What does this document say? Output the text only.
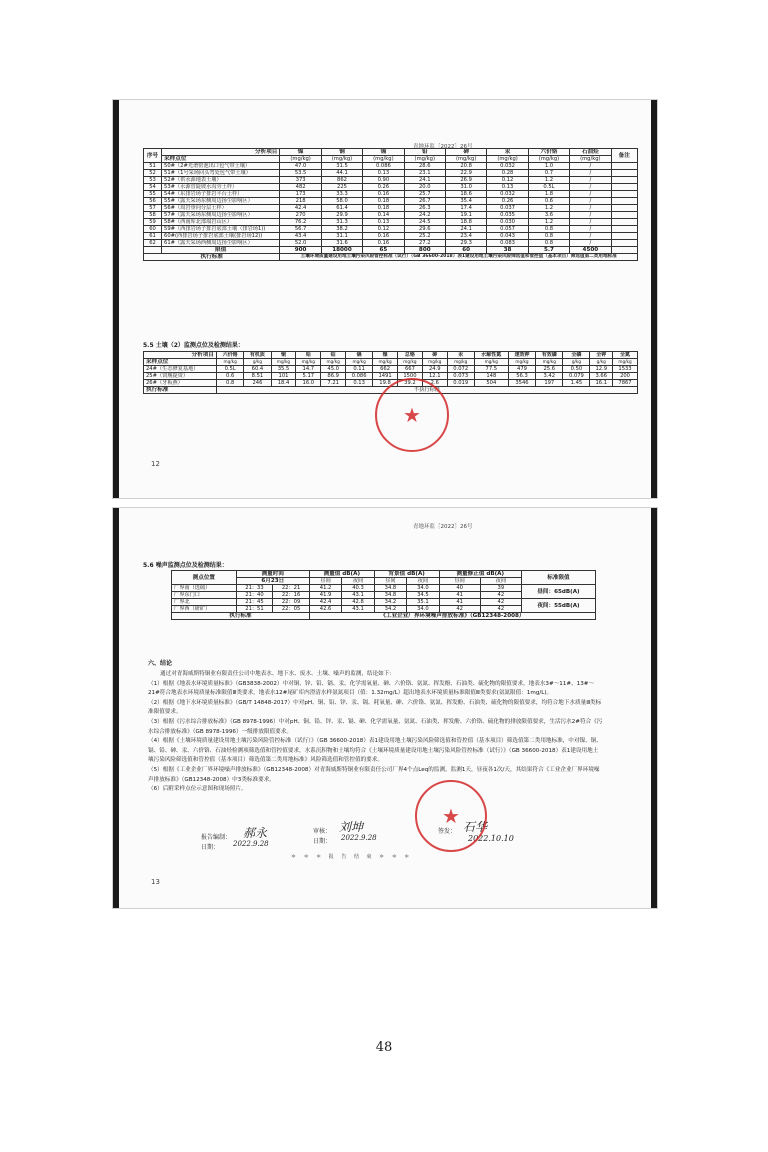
青地环监［2022］26号
序号	分析项目	镍	铜	镉	铅	砷	汞	六价铬	石油烃	备注
	采样点位	(mg/kg)	(mg/kg)	(mg/kg)	(mg/kg)	(mg/kg)	(mg/kg)	(mg/kg)	(mg/kg)	
51	50#（2#光谱密池出口包气带土壤）	47.0	31.5	0.086	28.6	20.8	0.032	1.0	/	
52	51#（1号采场回头弯处包气带土壤）	53.5	44.1	0.13	23.1	22.9	0.28	0.7	/	
53	52#（供水源地表土壤）	373	862	0.90	24.1	26.9	0.12	1.2	/	
54	53#（水源管陡坡水沟旁土样）	482	225	0.26	20.0	31.0	0.13	0.5L	/	
55	54#（东排岩场子排岩平台土样）	173	33.3	0.16	25.7	18.6	0.032	1.8	/	
56	55#（露天采场东侧周边扬尘影响区）	218	58.0	0.18	26.7	35.4	0.26	0.6	/	
57	56#（周岩垂向分层土样）	42.4	61.4	0.18	26.3	17.4	0.037	1.2	/	
58	57#（露天采场东侧周边扬尘影响区）	270	29.9	0.14	24.2	19.1	0.035	3.6	/	
59	58#（西南库北部塌岩山区）	76.2	31.3	0.13	24.5	18.8	0.030	1.2	/	
60	59#（西排岩场子排岩底部土壤（排岩场1))	56.7	38.2	0.12	29.6	24.1	0.057	0.8	/	
61	60#(西排岩场子排岩底部土壤(排岩场12))	43.4	31.1	0.16	25.2	23.4	0.043	0.8	/	
62	61#（露天采场西侧周边扬尘影响区）	52.0	31.6	0.16	27.2	29.3	0.083	0.8	/	
	限值	900	18000	65	800	60	38	5.7	4500	
执行标准		土壤环境质量建设用地土壤污染风险管控标准（试行）（GB 36600-2018）表1建设用地土壤污染风险筛选值和管控值（基本项目）筛选值第二类用地标准								
5.5 土壤（2）监测点位及检测结果：
分析项目	六价铬	有机质	铜	铅	钴	镉	镍	总铬	砷	汞	水解性氮	速效钾	有效磷	全磷	全钾	全氮
采样点位	mg/kg	g/kg	mg/kg	mg/kg	mg/kg	mg/kg	mg/kg	mg/kg	mg/kg	mg/kg	mg/kg	mg/kg	mg/kg	g/kg	g/kg	mg/kg
24#（生态修复基地）	0.5L	60.4	35.5	14.7	45.0	0.11	662	667	24.9	0.072	77.5	479	25.6	0.50	12.9	1533
25#（饲舰提资）	0.6	8.51	101	5.17	86.9	0.086	1491	1500	12.1	0.073	148	56.3	3.42	0.079	3.66	200
26#（牙板燕）	0.8	246	18.4	16.0	7.21	0.13	19.8	39.2	2.6	0.019	504	3546	197	1.45	16.1	7867
执行标准	不执行标准															
★
12
青地环监［2022］26号
5.6 噪声监测点位及检测结果：
测点位置	测量时间		测量值 dB(A)		背景值 dB(A)		测量修正值 dB(A)		标准限值
	6月23日		昼间	夜间	昼间	夜间	昼间	夜间	
厂界南（选硫）	21：33	22：21	41.2	40.3	34.8	34.0	40	39	昼间：65dB(A)
厂界东门口	21：40	22：16	41.9	43.1	34.8	34.5	41	42	
厂界北	21：45	22：09	42.4	42.8	34.2	35.1	41	42	夜间：55dB(A)
厂界西（研矿）	21：51	22：05	42.6	43.1	34.2	34.0	42	42	
执行标准			《工业企业厂界环境噪声排放标准》（GB12348-2008）						
六、结论

通过对青海威斯特铜业有限责任公司中地表水、地下水、废水、土壤、噪声的监测，结论如下：

（1）根据《地表水环境质量标准》（GB3838-2002）中对铜、锌、铅、镉、汞、化学需氧量、砷、六价铬、氨氮、挥发酚、石油类、硫化物的限值要求，地表水3#～11#、13#～21#符合地表水环境质量标准限值Ⅲ类要求，地表水12#尾矿库内澄清水样氨氮项目（值：1.32mg/L）超出地表水环境质量标准限值Ⅲ类要求(氨氮限值：1mg/L)。

（2）根据《地下水环境质量标准》（GB/T 14848-2017）中对pH、铜、铅、锌、汞、镉、耗氧量、砷、六价铬、氨氮、挥发酚、石油类、硫化物的限值要求，均符合地下水质量Ⅲ类标准限值要求。

（3）根据《污水综合排放标准》（GB 8978-1996）中对pH、铜、铅、锌、汞、镉、砷、化学需氧量、氨氮、石油类、挥发酚、六价铬、硫化物的排放限值要求，生活污水2#符合《污水综合排放标准》（GB 8978-1996）一级排放限值要求。

（4）根据《土壤环境质量建设用地土壤污染风险管控标准（试行）》（GB 36600-2018）表1建设用地土壤污染风险筛选值和管控值（基本项目）筛选值第二类用地标准，中对镍、铜、镉、铅、砷、汞、六价铬、石油烃检测项筛选值和管控值要求，水系沉积物和土壤均符合《土壤环境质量建设用地土壤污染风险管控标准（试行）》（GB 36600-2018）表1建设用地土壤污染风险筛选值和管控值（基本项目）筛选值第二类用地标准》风险筛选值和管控值的要求。

（5）根据《工业企业厂界环境噪声排放标准》（GB12348-2008）对青海威斯特铜业有限责任公司厂界4个点Leq的监测，监测1天，昼夜各1次/天，其结果符合《工业企业厂界环境噪声排放标准》（GB12348-2008）中3类标准要求。

（6）后附采样点位示意图和现场照片。

报告编制： 郝永
日期： 2022.9.28
审核： 刘坤
日期： 2022.9.28
签发： 石华
2022.10.10
★
＊ ＊ ＊ 报 告 结 束 ＊ ＊ ＊
13
48
